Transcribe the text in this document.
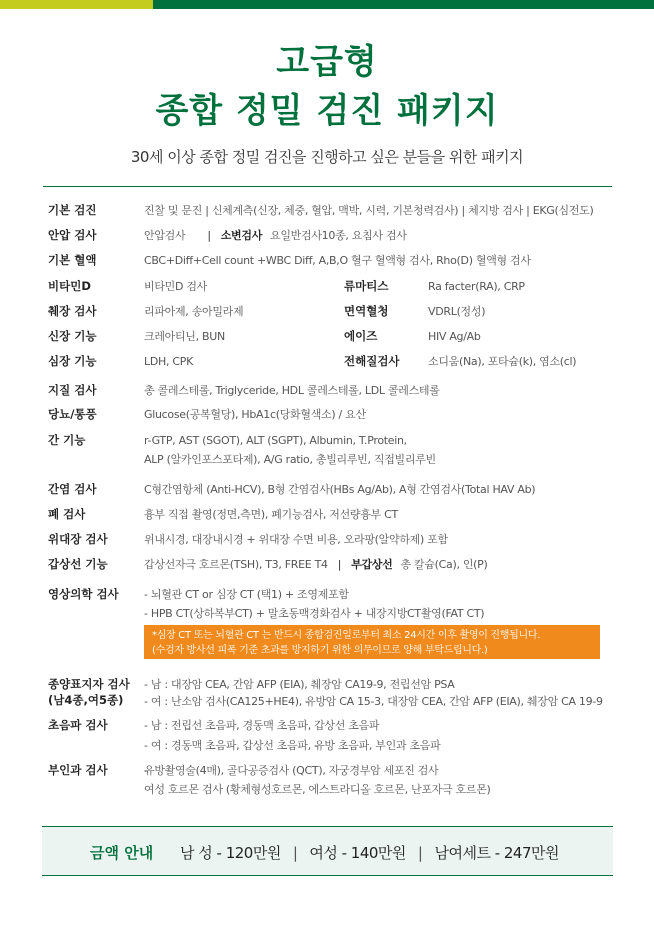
고급형
종합 정밀 검진 패키지
30세 이상 종합 정밀 검진을 진행하고 싶은 분들을 위한 패키지
기본 검진	진찰 및 문진 | 신체계측(신장, 체중, 혈압, 맥박, 시력, 기본청력검사) | 체지방 검사 | EKG(심전도)
안압 검사	안압검사 | 소변검사 요일반검사10종, 요침사 검사
기본 혈액	CBC+Diff+Cell count +WBC Diff, A,B,O 혈구 혈액형 검사, Rho(D) 혈액형 검사
비타민D	비타민D 검사	류마티스	Ra facter(RA), CRP
췌장 검사	리파아제, 송아밀라제	면역혈청	VDRL(정성)
신장 기능	크레아티닌, BUN	에이즈	HIV Ag/Ab
심장 기능	LDH, CPK	전해질검사	소디움(Na), 포타슘(k), 염소(cl)
지질 검사	총 콜레스테롤, Triglyceride, HDL 콜레스테롤, LDL 콜레스테롤
당뇨/통풍	Glucose(공복혈당), HbA1c(당화혈색소) / 요산
간 기능	r-GTP, AST (SGOT), ALT (SGPT), Albumin, T.Protein,
ALP (알카인포스포타제), A/G ratio, 총빌리루빈, 직접빌리루빈
간염 검사	C형간염항체 (Anti-HCV), B형 간염검사(HBs Ag/Ab), A형 간염검사(Total HAV Ab)
폐 검사	흉부 직접 촬영(정면,측면), 폐기능검사, 저선량흉부 CT
위대장 검사	위내시경, 대장내시경 + 위대장 수면 비용, 오라팡(알약하제) 포함
갑상선 기능	갑상선자극 호르몬(TSH), T3, FREE T4 | 부갑상선 총 칼슘(Ca), 인(P)
영상의학 검사	- 뇌혈관 CT or 심장 CT (택1) + 조영제포함
- HPB CT(상하복부CT) + 말초동맥경화검사 + 내장지방CT촬영(FAT CT)
*심장 CT 또는 뇌혈관 CT 는 반드시 종합검진일로부터 최소 24시간 이후 촬영이 진행됩니다.
(수검자 방사선 피폭 기준 초과를 방지하기 위한 의무이므로 양해 부탁드립니다.)
종양표지자 검사
(남4종,여5종)
- 남 : 대장암 CEA, 간암 AFP (EIA), 췌장암 CA19-9, 전립선암 PSA
- 여 : 난소암 검사(CA125+HE4), 유방암 CA 15-3, 대장암 CEA, 간암 AFP (EIA), 췌장암 CA 19-9
초음파 검사	- 남 : 전립선 초음파, 경동맥 초음파, 갑상선 초음파
- 여 : 경동맥 초음파, 갑상선 초음파, 유방 초음파, 부인과 초음파
부인과 검사	유방촬영술(4매), 골다공증검사 (QCT), 자궁경부암 세포진 검사
여성 호르몬 검사 (황체형성호르몬, 에스트라디올 호르몬, 난포자극 호르몬)
금액 안내 남 성 - 120만원 | 여성 - 140만원 | 남여세트 - 247만원
